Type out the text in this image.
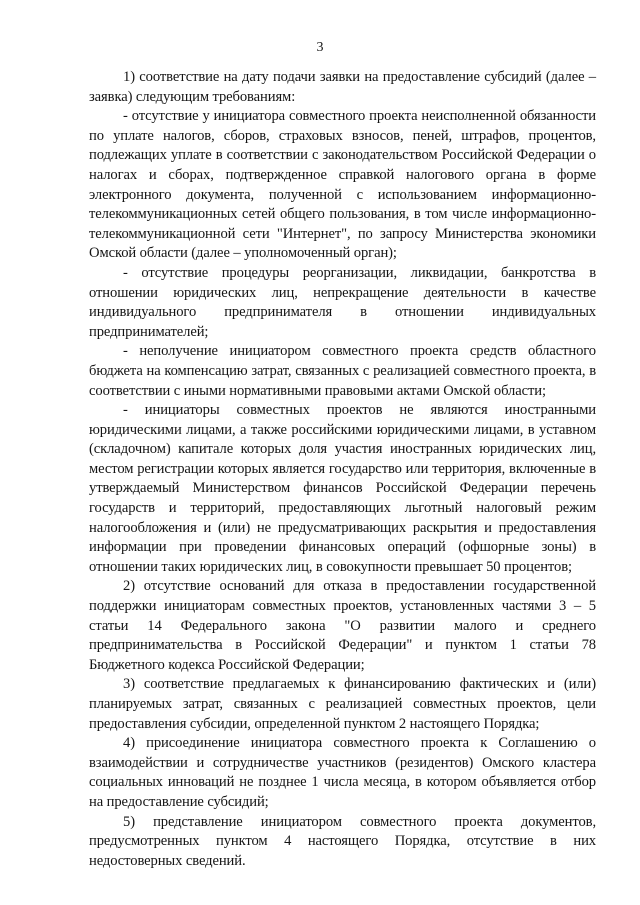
3

1) соответствие на дату подачи заявки на предоставление субсидий (далее – заявка) следующим требованиям:

- отсутствие у инициатора совместного проекта неисполненной обязанности по уплате налогов, сборов, страховых взносов, пеней, штрафов, процентов, подлежащих уплате в соответствии с законодательством Российской Федерации о налогах и сборах, подтвержденное справкой налогового органа в форме электронного документа, полученной с использованием информационно-телекоммуникационных сетей общего пользования, в том числе информационно-телекоммуникационной сети "Интернет", по запросу Министерства экономики Омской области (далее – уполномоченный орган);

- отсутствие процедуры реорганизации, ликвидации, банкротства в отношении юридических лиц, непрекращение деятельности в качестве индивидуального предпринимателя в отношении индивидуальных предпринимателей;

- неполучение инициатором совместного проекта средств областного бюджета на компенсацию затрат, связанных с реализацией совместного проекта, в соответствии с иными нормативными правовыми актами Омской области;

- инициаторы совместных проектов не являются иностранными юридическими лицами, а также российскими юридическими лицами, в уставном (складочном) капитале которых доля участия иностранных юридических лиц, местом регистрации которых является государство или территория, включенные в утверждаемый Министерством финансов Российской Федерации перечень государств и территорий, предоставляющих льготный налоговый режим налогообложения и (или) не предусматривающих раскрытия и предоставления информации при проведении финансовых операций (офшорные зоны) в отношении таких юридических лиц, в совокупности превышает 50 процентов;

2) отсутствие оснований для отказа в предоставлении государственной поддержки инициаторам совместных проектов, установленных частями 3 – 5 статьи 14 Федерального закона "О развитии малого и среднего предпринимательства в Российской Федерации" и пунктом 1 статьи 78 Бюджетного кодекса Российской Федерации;

3) соответствие предлагаемых к финансированию фактических и (или) планируемых затрат, связанных с реализацией совместных проектов, цели предоставления субсидии, определенной пунктом 2 настоящего Порядка;

4) присоединение инициатора совместного проекта к Соглашению о взаимодействии и сотрудничестве участников (резидентов) Омского кластера социальных инноваций не позднее 1 числа месяца, в котором объявляется отбор на предоставление субсидий;

5) представление инициатором совместного проекта документов, предусмотренных пунктом 4 настоящего Порядка, отсутствие в них недостоверных сведений.
